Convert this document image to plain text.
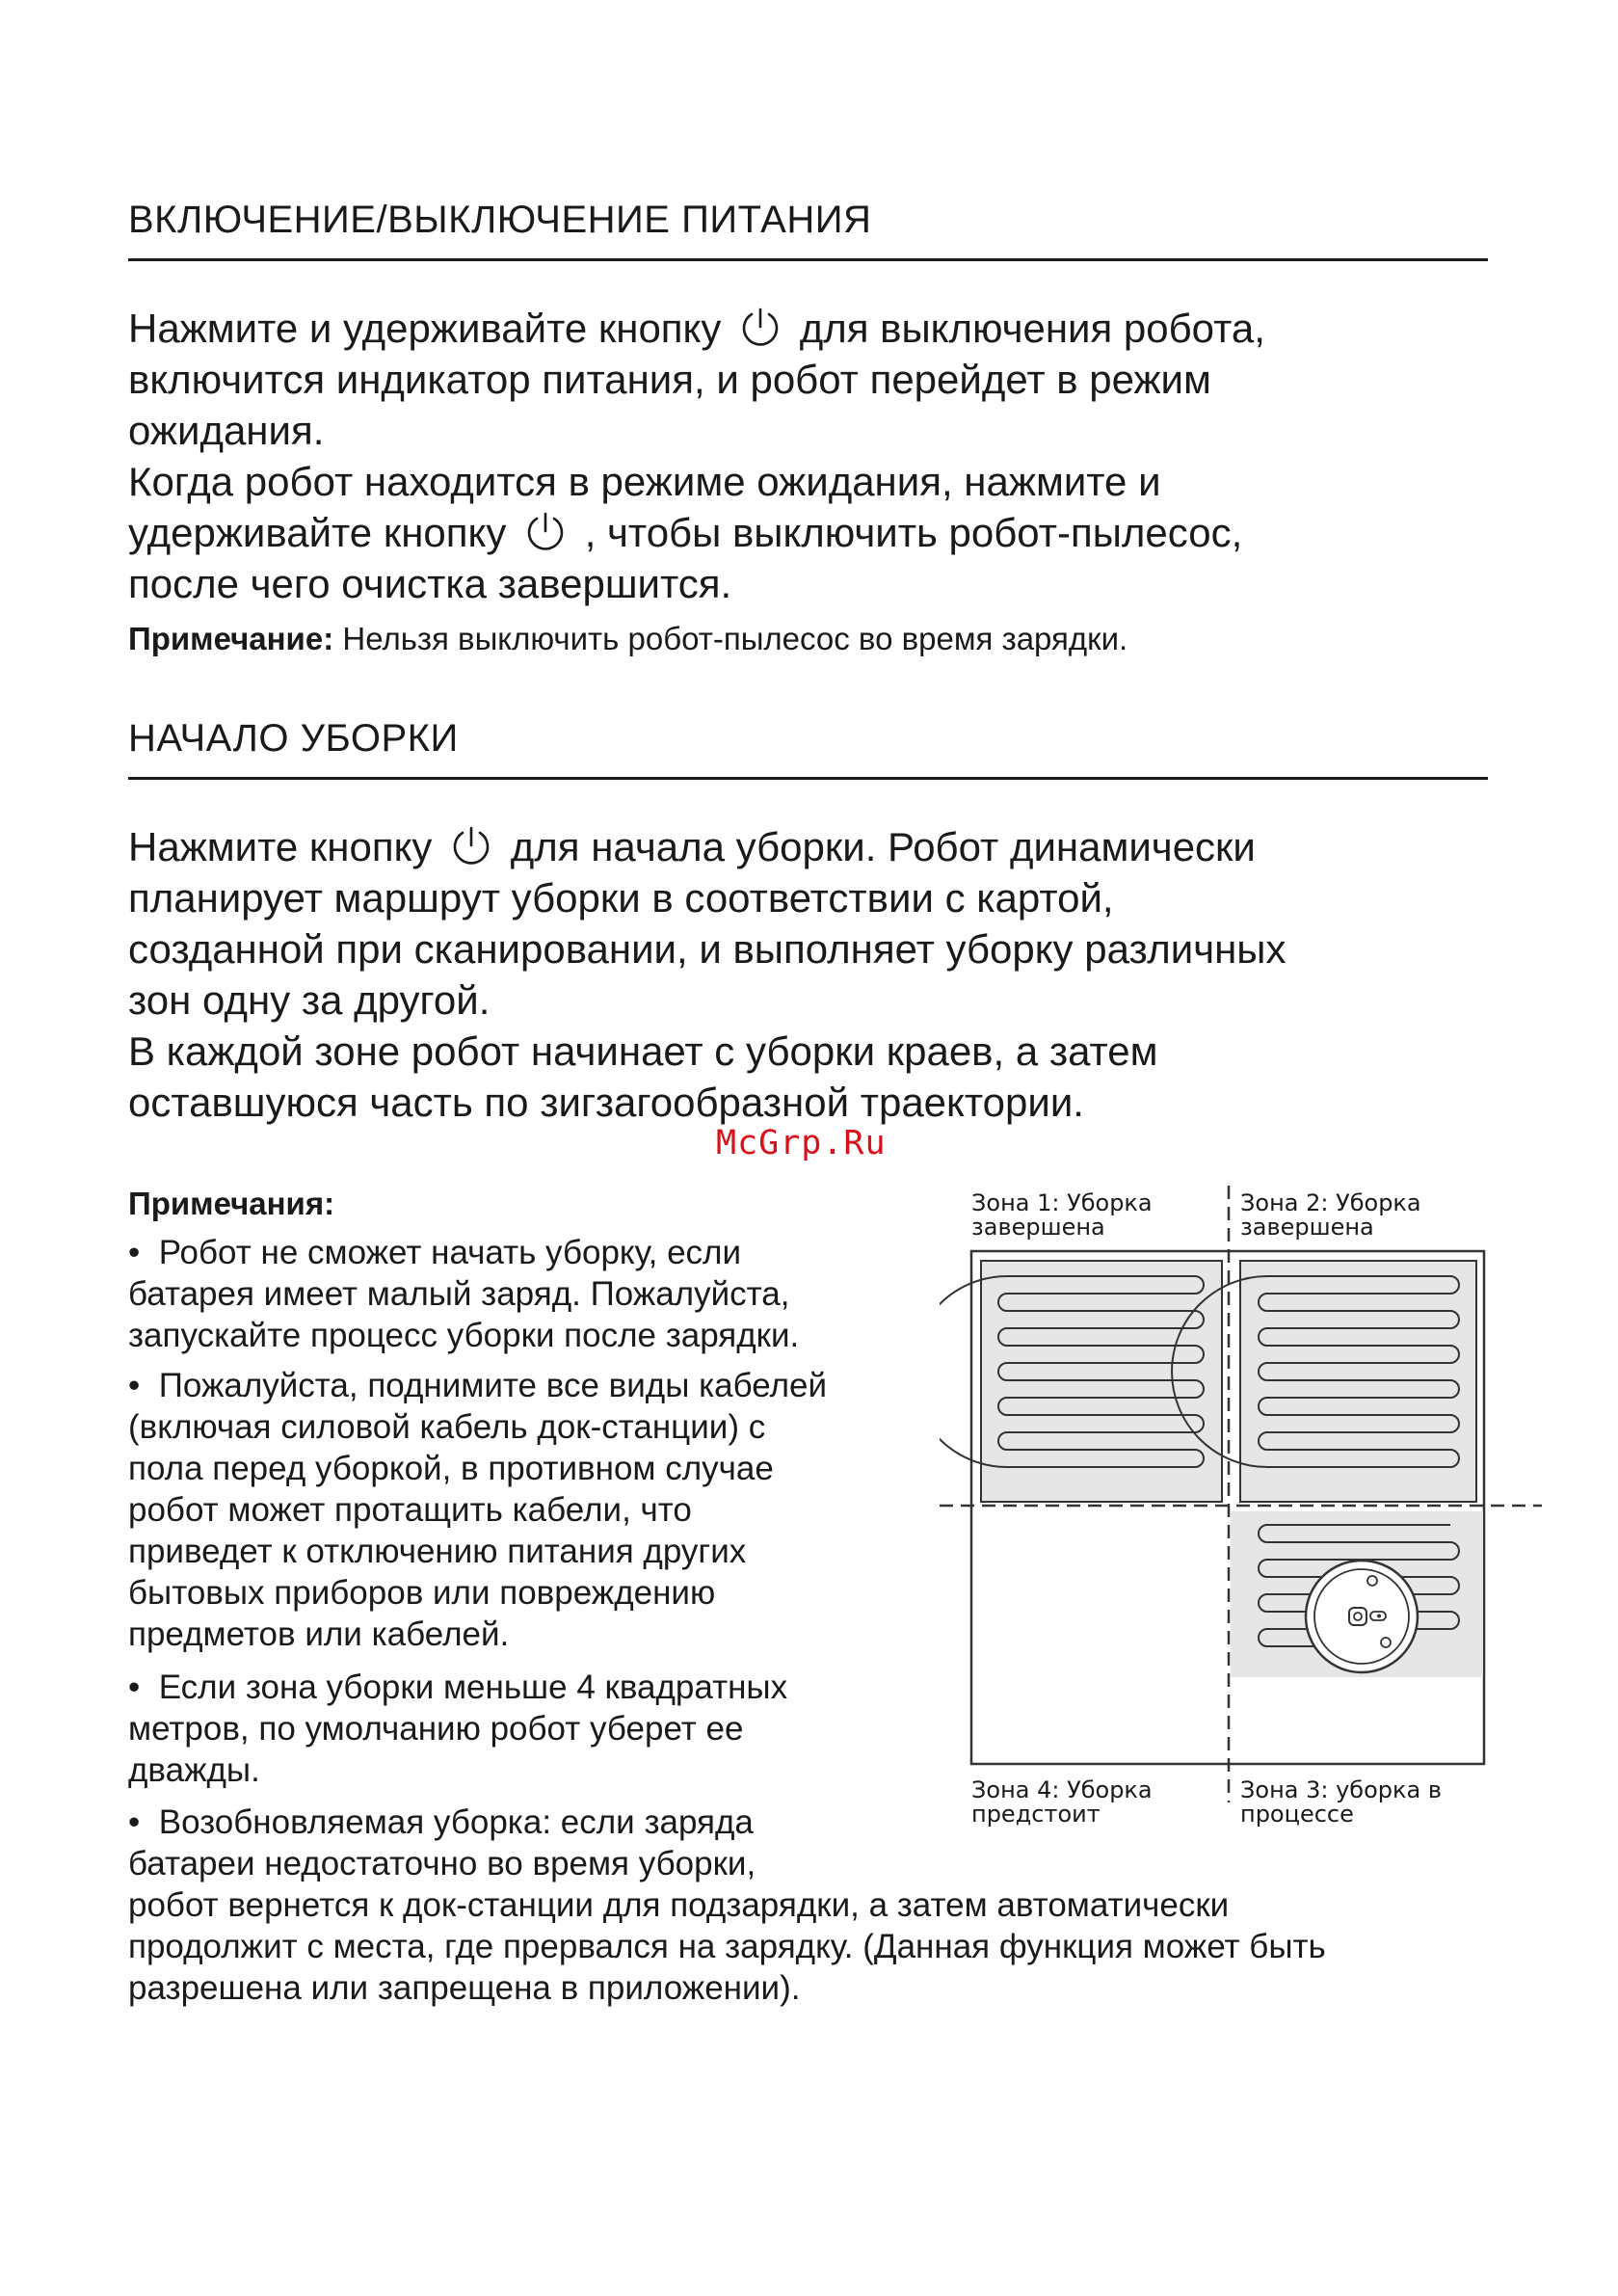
ВКЛЮЧЕНИЕ/ВЫКЛЮЧЕНИЕ ПИТАНИЯ

Нажмите и удерживайте кнопку для выключения робота,

включится индикатор питания, и робот перейдет в режим

ожидания.

Когда робот находится в режиме ожидания, нажмите и

удерживайте кнопку , чтобы выключить робот-пылесос,

после чего очистка завершится.

Примечание: Нельзя выключить робот-пылесос во время зарядки.

НАЧАЛО УБОРКИ

Нажмите кнопку для начала уборки. Робот динамически

планирует маршрут уборки в соответствии с картой,

созданной при сканировании, и выполняет уборку различных

зон одну за другой.

В каждой зоне робот начинает с уборки краев, а затем

оставшуюся часть по зигзагообразной траектории.

McGrp.Ru

Примечания:

• Робот не сможет начать уборку, если

батарея имеет малый заряд. Пожалуйста,

запускайте процесс уборки после зарядки.

• Пожалуйста, поднимите все виды кабелей

(включая силовой кабель док-станции) с

пола перед уборкой, в противном случае

робот может протащить кабели, что

приведет к отключению питания других

бытовых приборов или повреждению

предметов или кабелей.

• Если зона уборки меньше 4 квадратных

метров, по умолчанию робот уберет ее

дважды.

• Возобновляемая уборка: если заряда

батареи недостаточно во время уборки,

робот вернется к док-станции для подзарядки, а затем автоматически

продолжит с места, где прервался на зарядку. (Данная функция может быть

разрешена или запрещена в приложении).

Зона 1: Уборка

завершена

Зона 2: Уборка

завершена

Зона 4: Уборка

предстоит

Зона 3: уборка в

процессе
